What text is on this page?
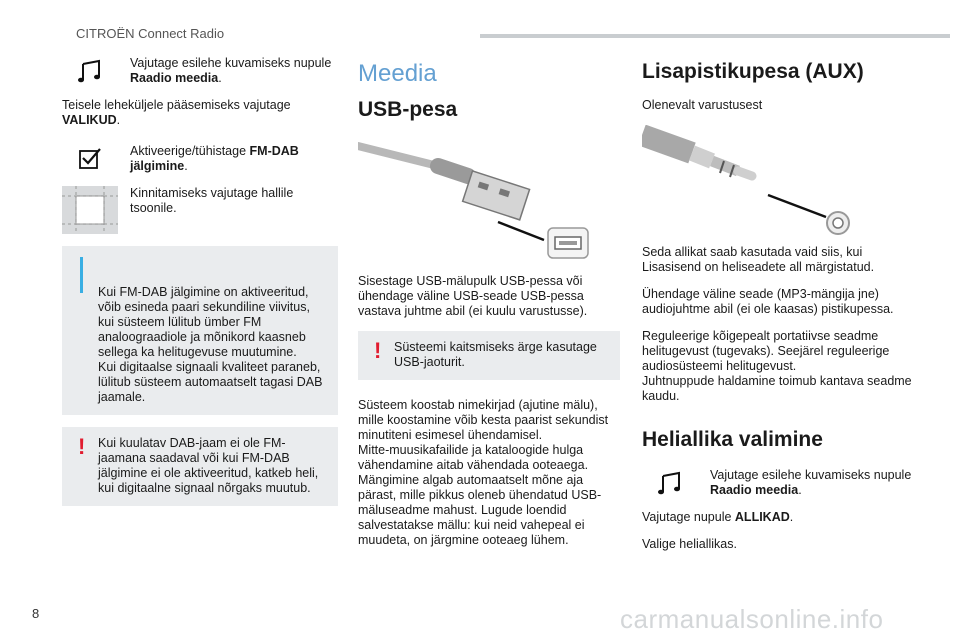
CITROËN Connect Radio
Vajutage esilehe kuvamiseks nupule Raadio meedia.

Teisele leheküljele pääsemiseks vajutage VALIKUD.

Aktiveerige/tühistage FM-DAB jälgimine.
Kinnitamiseks vajutage hallile tsoonile.

Kui FM-DAB jälgimine on aktiveeritud, võib esineda paari sekundiline viivitus, kui süsteem lülitub ümber FM analoograadiole ja mõnikord kaasneb sellega ka helitugevuse muutumine.
Kui digitaalse signaali kvaliteet paraneb, lülitub süsteem automaatselt tagasi DAB jaamale.

! Kui kuulatav DAB-jaam ei ole FM-jaamana saadaval või kui FM-DAB jälgimine ei ole aktiveeritud, katkeb heli, kui digitaalne signaal nõrgaks muutub.
Meedia
USB-pesa

Sisestage USB-mälupulk USB-pessa või ühendage väline USB-seade USB-pessa vastava juhtme abil (ei kuulu varustusse).

! Süsteemi kaitsmiseks ärge kasutage USB-jaoturit.

Süsteem koostab nimekirjad (ajutine mälu), mille koostamine võib kesta paarist sekundist minutiteni esimesel ühendamisel.
Mitte-muusikafailide ja kataloogide hulga vähendamine aitab vähendada ooteaega.
Mängimine algab automaatselt mõne aja pärast, mille pikkus oleneb ühendatud USB-mäluseadme mahust. Lugude loendid salvestatakse mällu: kui neid vahepeal ei muudeta, on järgmine ooteaeg lühem.

Lisapistikupesa (AUX)

Olenevalt varustusest

Seda allikat saab kasutada vaid siis, kui Lisasisend on heliseadete all märgistatud.

Ühendage väline seade (MP3-mängija jne) audiojuhtme abil (ei ole kaasas) pistikupessa.

Reguleerige kõigepealt portatiivse seadme helitugevust (tugevaks). Seejärel reguleerige audiosüsteemi helitugevust.
Juhtnuppude haldamine toimub kantava seadme kaudu.

Heliallika valimine
Vajutage esilehe kuvamiseks nupule Raadio meedia.

Vajutage nupule ALLIKAD.

Valige heliallikas.

8	carmanualsonline.info
